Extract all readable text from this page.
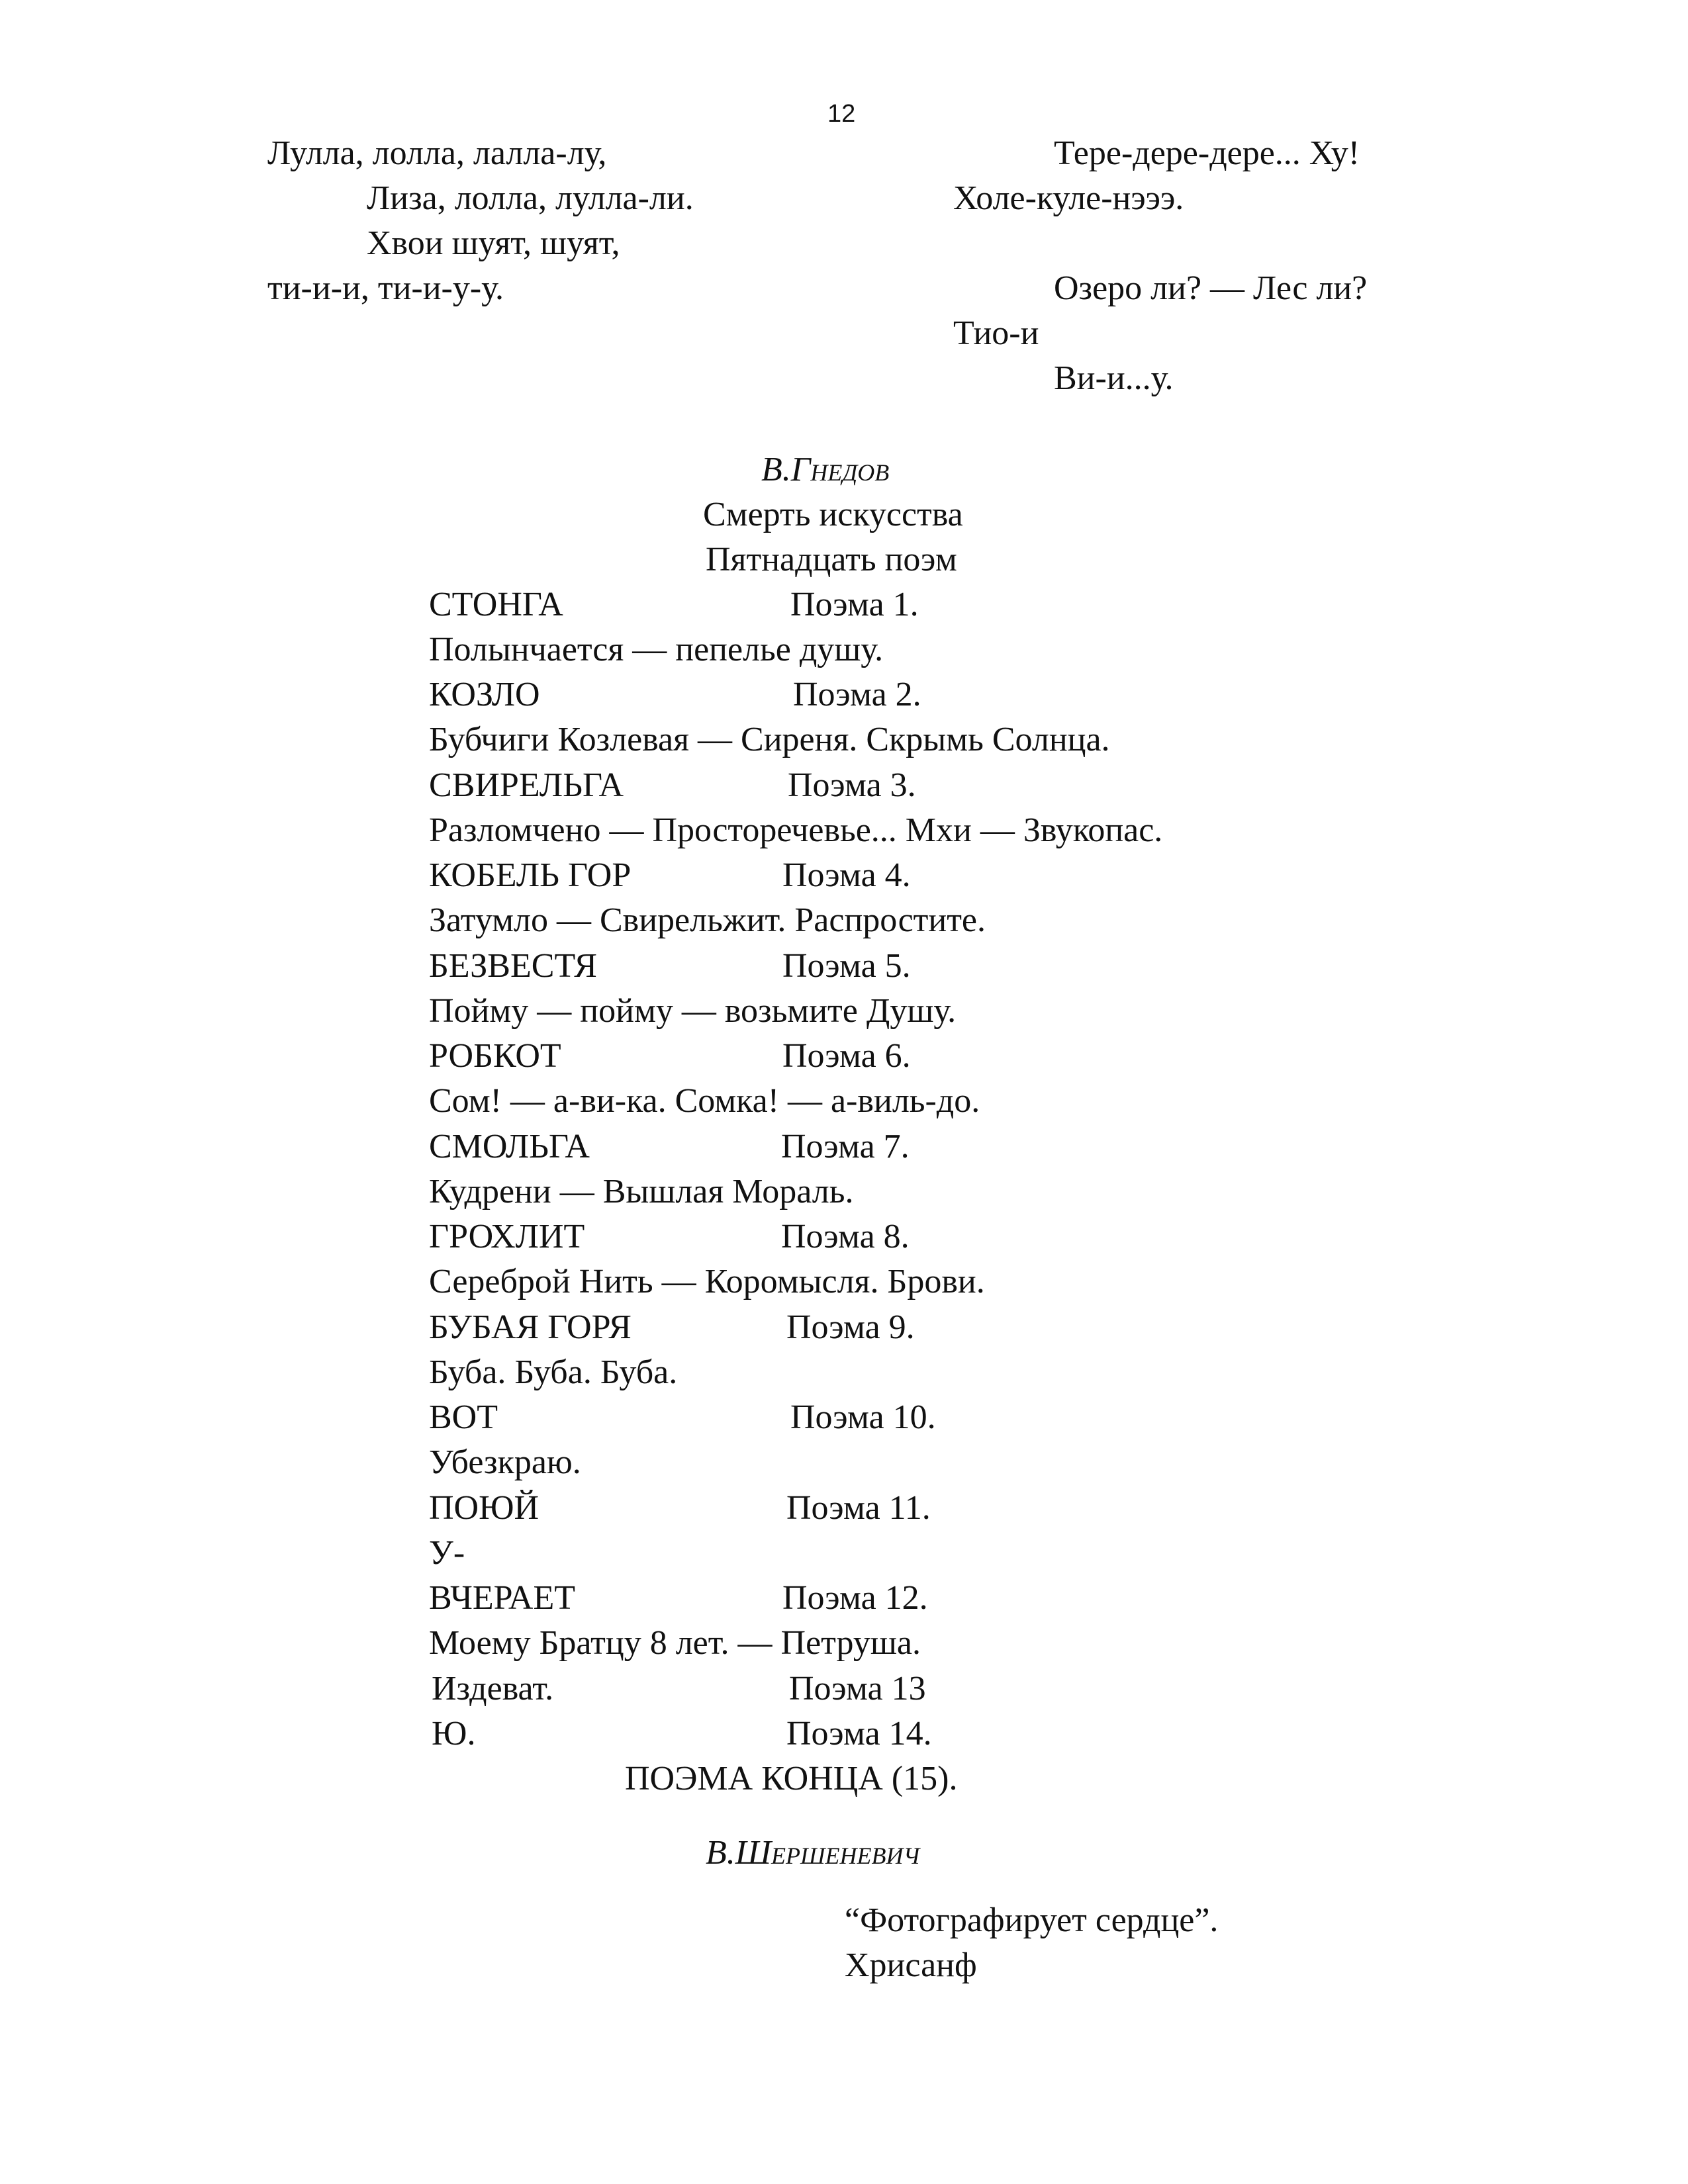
12
Лулла, лолла, лалла-лу,
Лиза, лолла, лулла-ли.
Хвои шуят, шуят,
ти-и-и, ти-и-у-у.
Тере-дере-дере... Ху!
Холе-куле-нэээ.
Озеро ли? — Лес ли?
Тио-и
Ви-и...у.
В.Гнедов
Смерть искусства
Пятнадцать поэм
СТОНГА	Поэма 1.
Полынчается — пепелье душу.
КОЗЛО	Поэма 2.
Бубчиги Козлевая — Сиреня. Скрымь Солнца.
СВИРЕЛЬГА	Поэма 3.
Разломчено — Просторечевье... Мхи — Звукопас.
КОБЕЛЬ ГОР	Поэма 4.
Затумло — Свирельжит. Распростите.
БЕЗВЕСТЯ	Поэма 5.
Пойму — пойму — возьмите Душу.
РОБКОТ	Поэма 6.
Сом! — а-ви-ка. Сомка! — а-виль-до.
СМОЛЬГА	Поэма 7.
Кудрени — Вышлая Мораль.
ГРОХЛИТ	Поэма 8.
Серeброй Нить — Коромысля. Брови.
БУБАЯ ГОРЯ	Поэма 9.
Буба. Буба. Буба.
ВОТ	Поэма 10.
Убезкраю.
ПОЮЙ	Поэма 11.
У-
ВЧЕРАЕТ	Поэма 12.
Моему Братцу 8 лет. — Петруша.
Издеват.	Поэма 13
Ю.	Поэма 14.
ПОЭМА КОНЦА (15).
В.Шершеневич
“Фотографирует сердце”.
Хрисанф
